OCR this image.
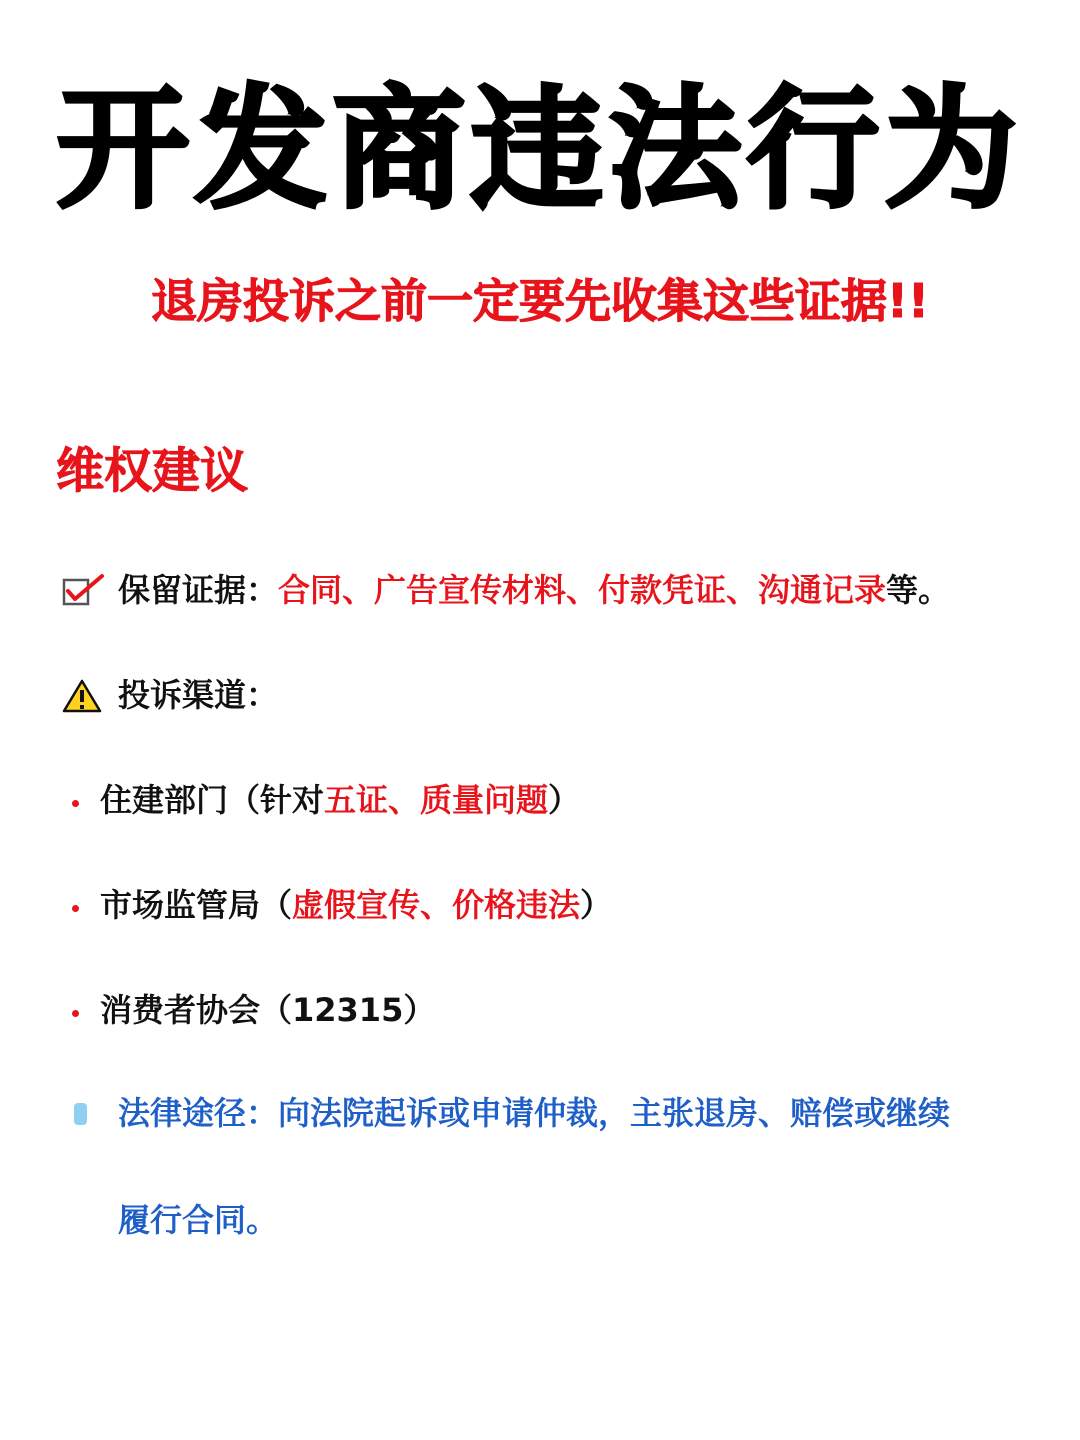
开发商违法行为
退房投诉之前一定要先收集这些证据!!
维权建议
保留证据：合同、广告宣传材料、付款凭证、沟通记录等。
投诉渠道：
住建部门（针对五证、质量问题）
市场监管局（虚假宣传、价格违法）
消费者协会（12315）
法律途径：向法院起诉或申请仲裁，主张退房、赔偿或继续
履行合同。
